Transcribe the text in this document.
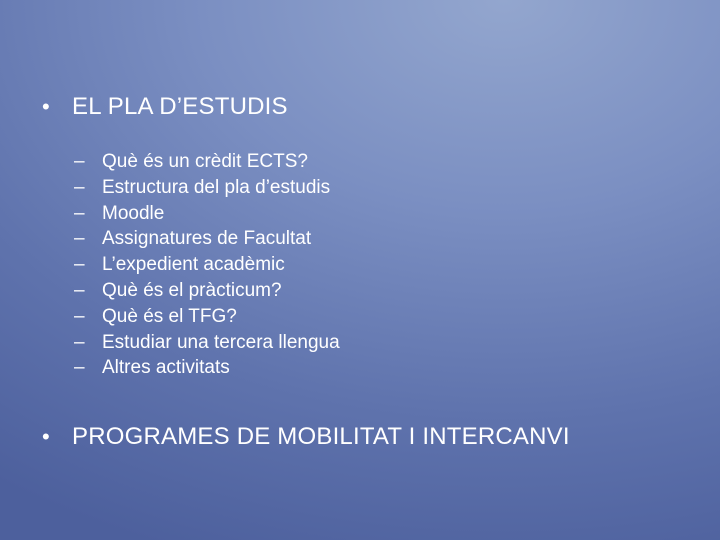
• EL PLA D’ESTUDIS
– Què és un crèdit ECTS?
– Estructura del pla d’estudis
– Moodle
– Assignatures de Facultat
– L’expedient acadèmic
– Què és el pràcticum?
– Què és el TFG?
– Estudiar una tercera llengua
– Altres activitats
• PROGRAMES DE MOBILITAT I INTERCANVI
